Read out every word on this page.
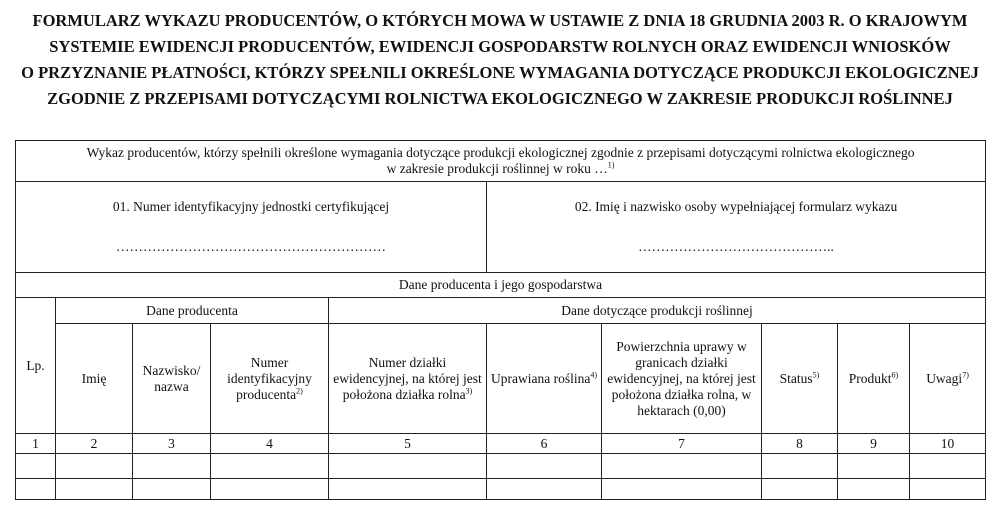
FORMULARZ WYKAZU PRODUCENTÓW, O KTÓRYCH MOWA W USTAWIE Z DNIA 18 GRUDNIA 2003 R. O KRAJOWYM
SYSTEMIE EWIDENCJI PRODUCENTÓW, EWIDENCJI GOSPODARSTW ROLNYCH ORAZ EWIDENCJI WNIOSKÓW
O PRZYZNANIE PŁATNOŚCI, KTÓRZY SPEŁNILI OKREŚLONE WYMAGANIA DOTYCZĄCE PRODUKCJI EKOLOGICZNEJ
ZGODNIE Z PRZEPISAMI DOTYCZĄCYMI ROLNICTWA EKOLOGICZNEGO W ZAKRESIE PRODUKCJI ROŚLINNEJ
Wykaz producentów, którzy spełnili określone wymagania dotyczące produkcji ekologicznej zgodnie z przepisami dotyczącymi rolnictwa ekologicznego
w zakresie produkcji roślinnej w roku …$^{1)}$

01. Numer identyfikacyjny jednostki certyfikującej
……………………………………………………					02. Imię i nazwisko osoby wypełniającej formularz wykazu
……………………………………..				

Dane producenta i jego gospodarstwa									
Lp.	Dane producenta			Dane dotyczące produkcji roślinnej					
	Imię	Nazwisko/ nazwa	Numer identyfikacyjny producenta$^{2)}$	Numer działki ewidencyjnej, na której jest położona działka rolna$^{3)}$	Uprawiana roślina$^{4)}$	Powierzchnia uprawy w granicach działki ewidencyjnej, na której jest położona działka rolna, w hektarach (0,00)	Status$^{5)}$	Produkt$^{6)}$	Uwagi$^{7)}$
1	2	3	4	5	6	7	8	9	10
